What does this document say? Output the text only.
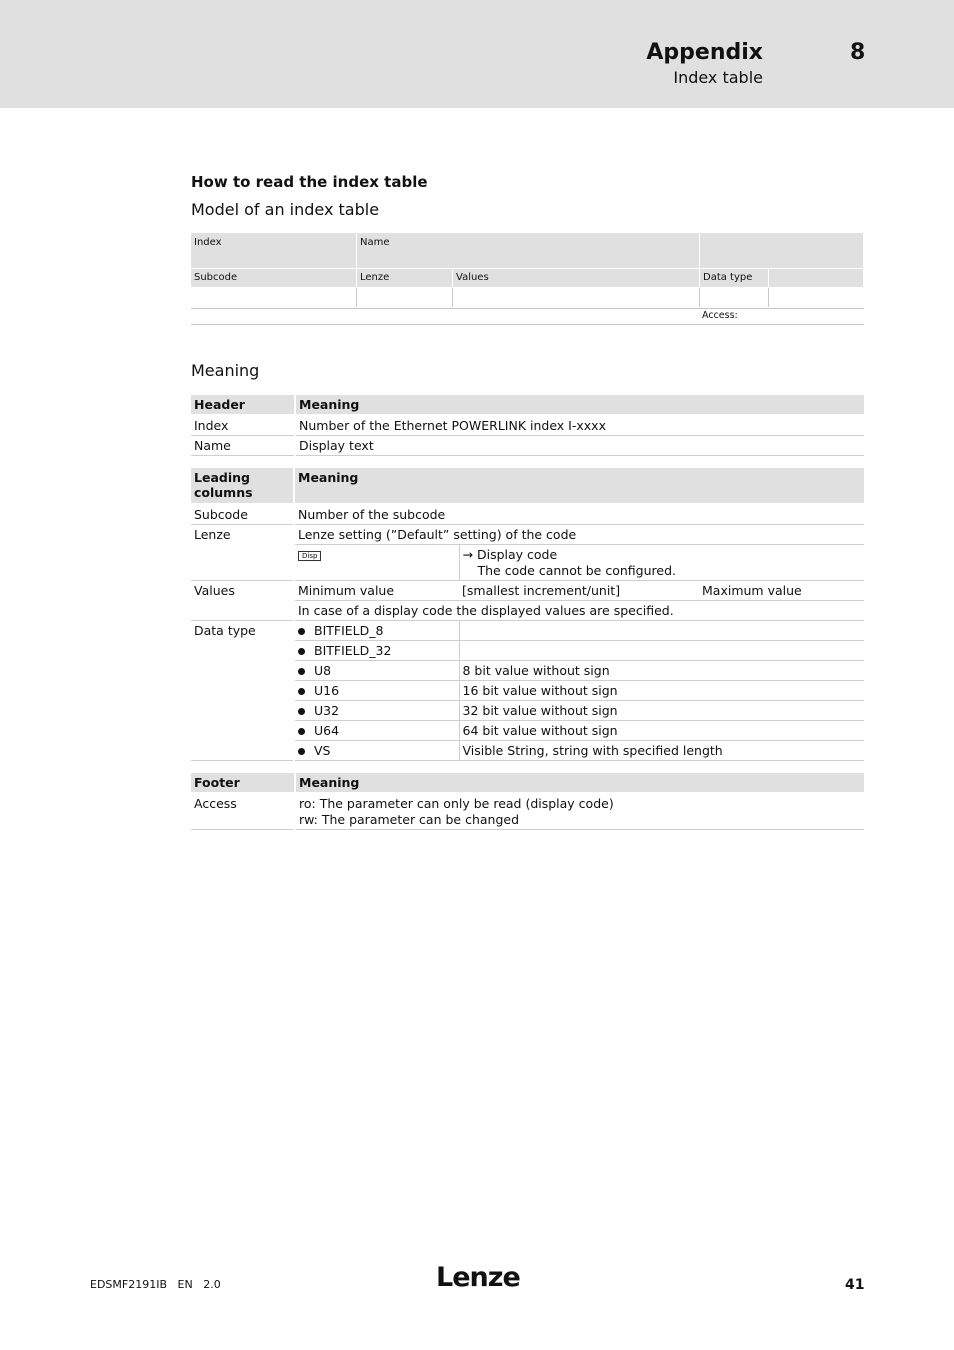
Appendix	8
Index table
How to read the index table
Model of an index table
Index	Name
Subcode	Lenze	Values	Data type
Access:
Meaning
Header	Meaning
Index	Number of the Ethernet POWERLINK index I-xxxx
Name	Display text
Leading columns	Meaning		
Subcode	Number of the subcode		
Lenze	Lenze setting (”Default” setting) of the code		
	Disp	→ Display code
The code cannot be configured.	
Values	Minimum value	[smallest increment/unit]	Maximum value
	In case of a display code the displayed values are specified.		
Data type	BITFIELD_8		
	BITFIELD_32		
	U8	8 bit value without sign	
	U16	16 bit value without sign	
	U32	32 bit value without sign	
	U64	64 bit value without sign	
	VS	Visible String, string with specified length	
Footer	Meaning
Access	ro: The parameter can only be read (display code)
rw: The parameter can be changed
EDSMF2191IB EN 2.0	Lenze	41
